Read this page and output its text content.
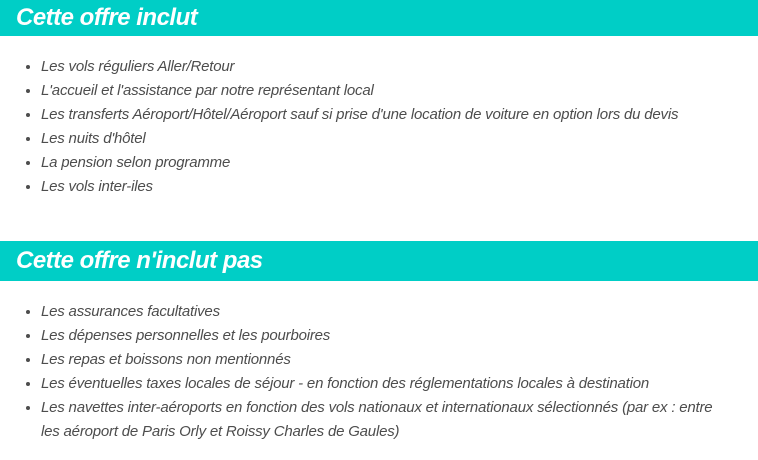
Cette offre inclut
• Les vols réguliers Aller/Retour
• L'accueil et l'assistance par notre représentant local
• Les transferts Aéroport/Hôtel/Aéroport sauf si prise d'une location de voiture en option lors du devis
• Les nuits d'hôtel
• La pension selon programme
• Les vols inter-iles
Cette offre n'inclut pas
• Les assurances facultatives
• Les dépenses personnelles et les pourboires
• Les repas et boissons non mentionnés
• Les éventuelles taxes locales de séjour - en fonction des réglementations locales à destination
• Les navettes inter-aéroports en fonction des vols nationaux et internationaux sélectionnés (par ex : entre les aéroport de Paris Orly et Roissy Charles de Gaules)
